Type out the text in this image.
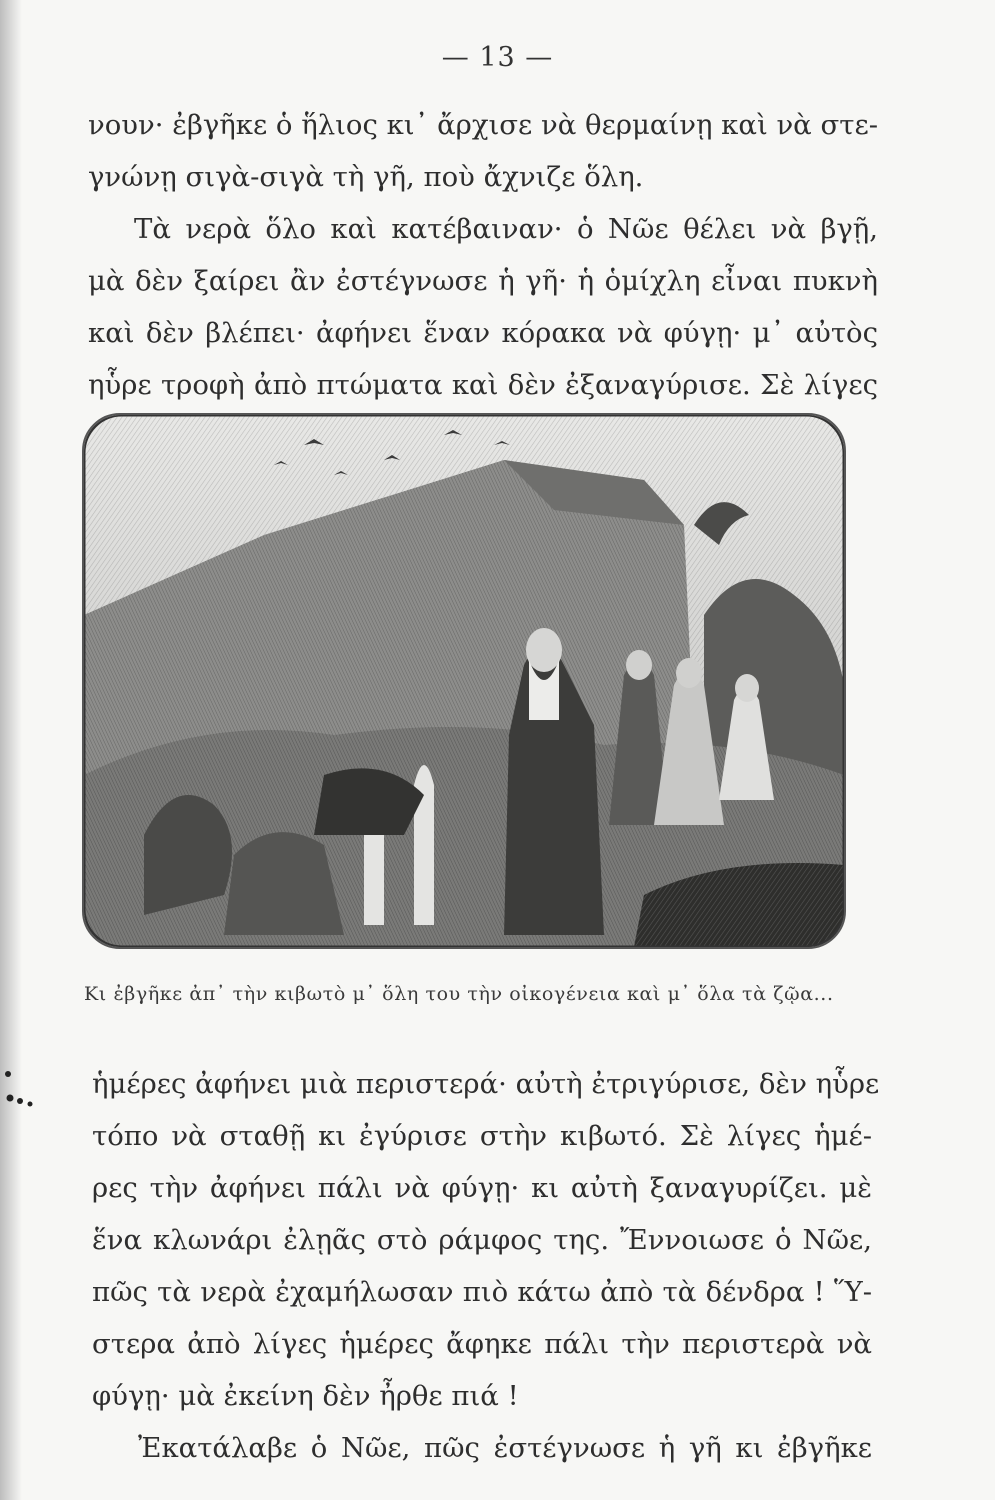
— 13 —
νουν· ἐβγῆκε ὁ ἥλιος κι᾿ ἄρχισε νὰ θερμαίνῃ καὶ νὰ στε-
γνώνῃ σιγὰ-σιγὰ τὴ γῆ, ποὺ ἄχνιζε ὅλη.
Τὰ νερὰ ὅλο καὶ κατέβαιναν· ὁ Νῶε θέλει νὰ βγῇ,
μὰ δὲν ξαίρει ἂν ἐστέγνωσε ἡ γῆ· ἡ ὁμίχλη εἶναι πυκνὴ
καὶ δὲν βλέπει· ἀφήνει ἕναν κόρακα νὰ φύγῃ· μ᾿ αὐτὸς
ηὗρε τροφὴ ἀπὸ πτώματα καὶ δὲν ἐξαναγύρισε. Σὲ λίγες
Κι ἐβγῆκε ἀπ᾿ τὴν κιβωτὸ μ᾿ ὅλη του τὴν οἰκογένεια καὶ μ᾿ ὅλα τὰ ζῷα...
ἡμέρες ἀφήνει μιὰ περιστερά· αὐτὴ ἐτριγύρισε, δὲν ηὗρε
τόπο νὰ σταθῇ κι ἐγύρισε στὴν κιβωτό. Σὲ λίγες ἡμέ-
ρες τὴν ἀφήνει πάλι νὰ φύγῃ· κι αὐτὴ ξαναγυρίζει. μὲ
ἕνα κλωνάρι ἐλῃᾶς στὸ ράμφος της. Ἔννοιωσε ὁ Νῶε,
πῶς τὰ νερὰ ἐχαμήλωσαν πιὸ κάτω ἀπὸ τὰ δένδρα ! Ὕ-
στερα ἀπὸ λίγες ἡμέρες ἄφηκε πάλι τὴν περιστερὰ νὰ
φύγῃ· μὰ ἐκείνη δὲν ἦρθε πιά !
Ἐκατάλαβε ὁ Νῶε, πῶς ἐστέγνωσε ἡ γῆ κι ἐβγῆκε
